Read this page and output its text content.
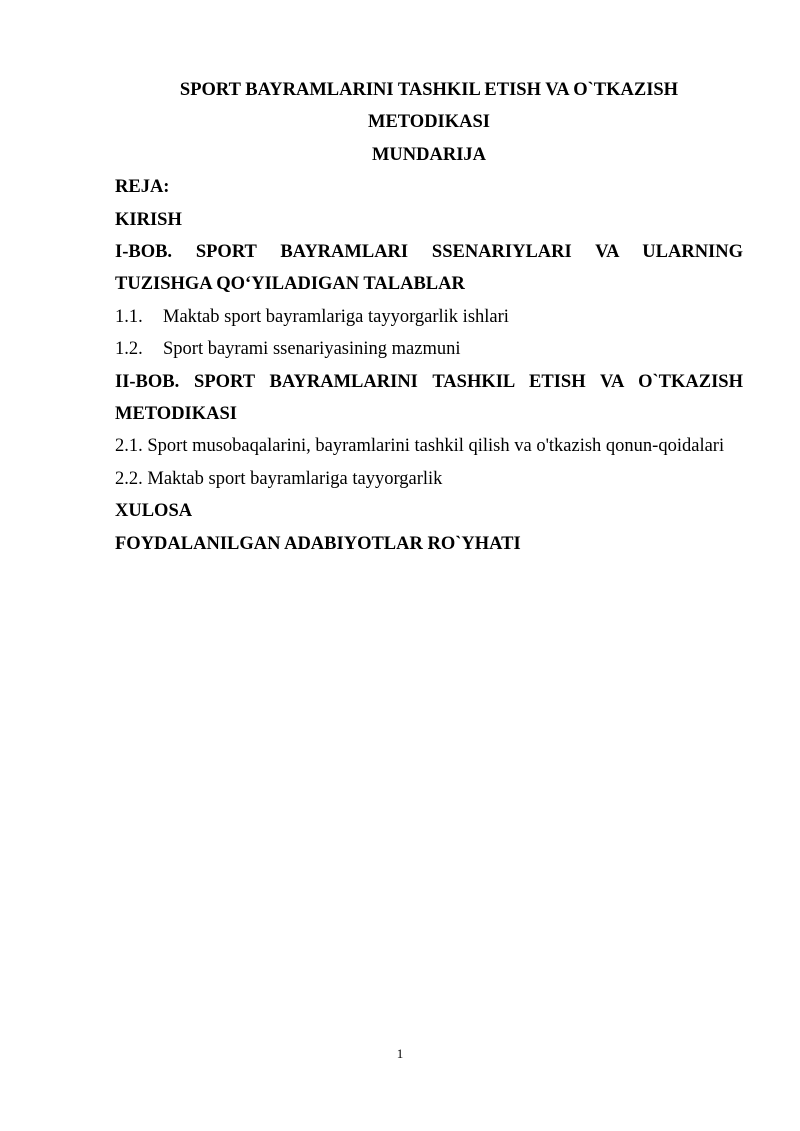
SPORT BAYRAMLARINI TASHKIL ETISH VA O`TKAZISH
METODIKASI
MUNDARIJA
REJA:
KIRISH
I-BOB. SPORT BAYRAMLARI SSENARIYLARI VA ULARNING
TUZISHGA QO‘YILADIGAN TALABLAR
1.1.	Maktab sport bayramlariga tayyorgarlik ishlari
1.2.	Sport bayrami ssenariyasining mazmuni
II-BOB. SPORT BAYRAMLARINI TASHKIL ETISH VA O`TKAZISH
METODIKASI
2.1. Sport musobaqalarini, bayramlarini tashkil qilish va o'tkazish qonun-qoidalari
2.2. Maktab sport bayramlariga tayyorgarlik
XULOSA
FOYDALANILGAN ADABIYOTLAR RO`YHATI
1
